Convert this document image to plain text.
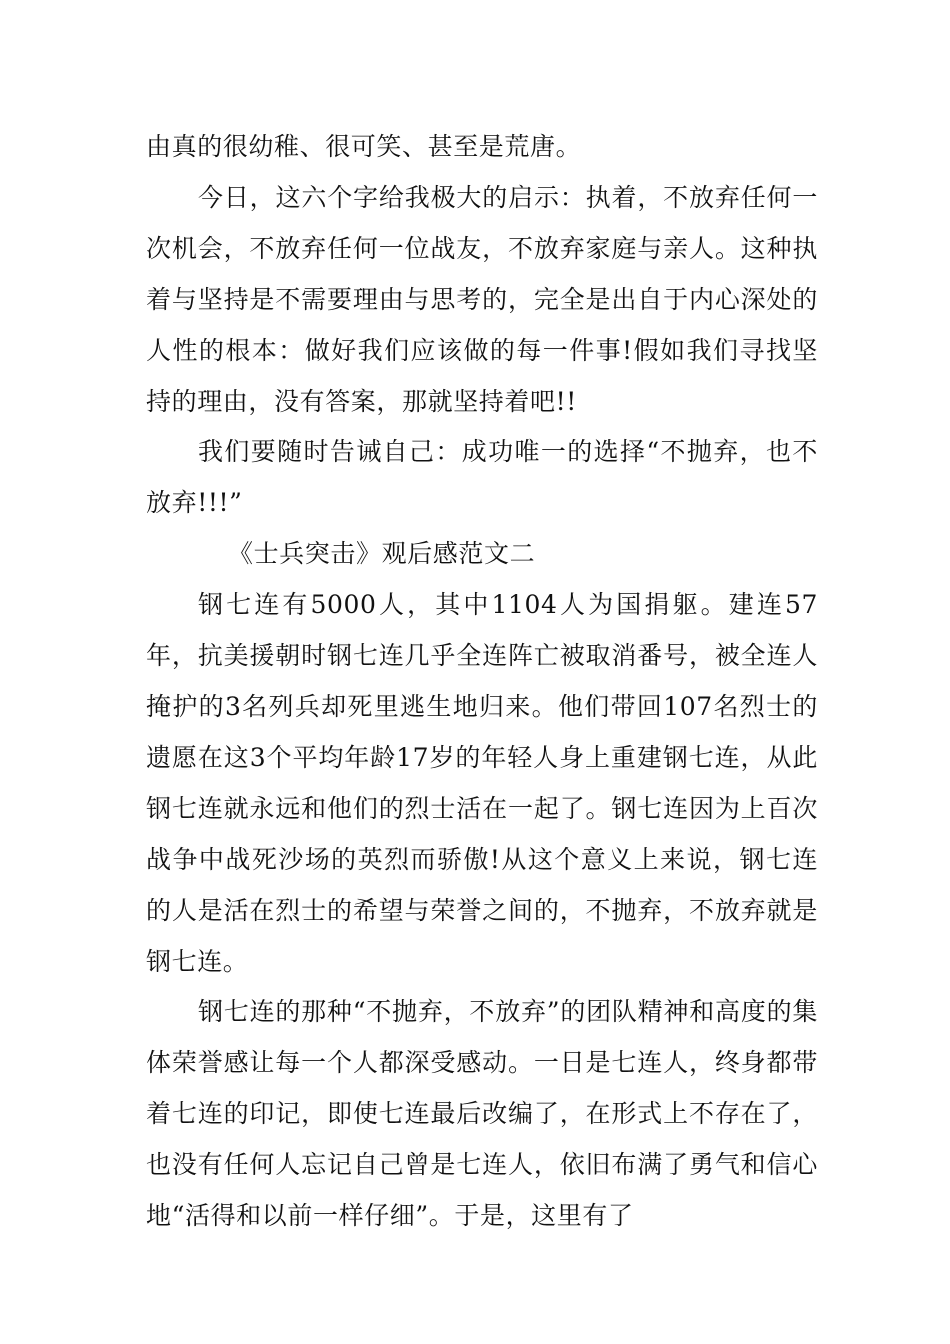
由真的很幼稚、很可笑、甚至是荒唐。

今日，这六个字给我极大的启示：执着，不放弃任何一次机会，不放弃任何一位战友，不放弃家庭与亲人。这种执着与坚持是不需要理由与思考的，完全是出自于内心深处的人性的根本：做好我们应该做的每一件事!假如我们寻找坚持的理由，没有答案，那就坚持着吧!!

我们要随时告诫自己：成功唯一的选择“不抛弃，也不放弃!!!”

《士兵突击》观后感范文二

钢七连有5000人，其中1104人为国捐躯。建连57年，抗美援朝时钢七连几乎全连阵亡被取消番号，被全连人掩护的3名列兵却死里逃生地归来。他们带回107名烈士的遗愿在这3个平均年龄17岁的年轻人身上重建钢七连，从此钢七连就永远和他们的烈士活在一起了。钢七连因为上百次战争中战死沙场的英烈而骄傲!从这个意义上来说，钢七连的人是活在烈士的希望与荣誉之间的，不抛弃，不放弃就是钢七连。

钢七连的那种“不抛弃，不放弃”的团队精神和高度的集体荣誉感让每一个人都深受感动。一日是七连人，终身都带着七连的印记，即使七连最后改编了，在形式上不存在了，也没有任何人忘记自己曾是七连人，依旧布满了勇气和信心地“活得和以前一样仔细”。于是，这里有了
